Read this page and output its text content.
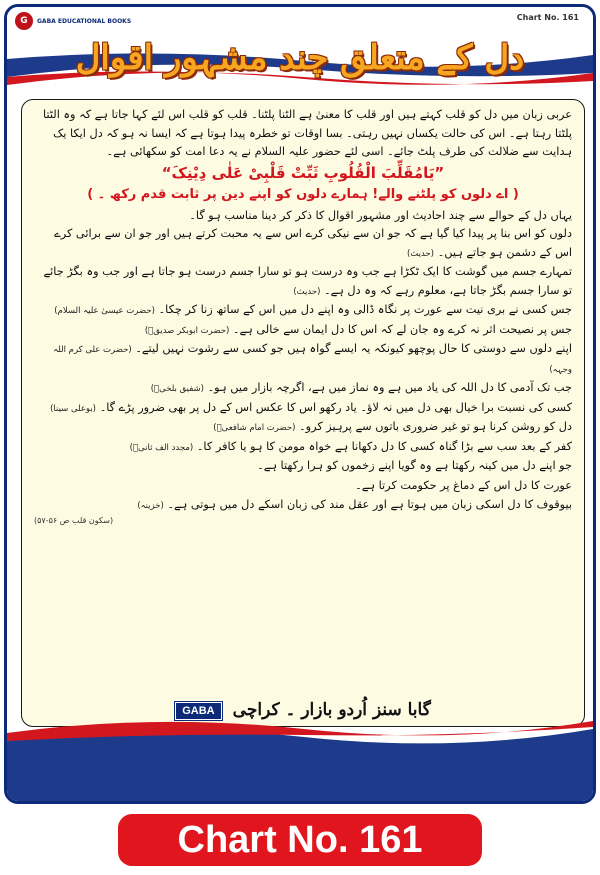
G	GABA EDUCATIONAL BOOKS	Chart No. 161
دل کے متعلق چند مشہور اقوال

عربی زبان میں دل کو قلب کہتے ہیں اور قلب کا معنیٰ ہے الٹنا پلٹنا۔ قلب کو قلب اس لئے کہا جاتا ہے کہ وہ الٹتا پلٹتا رہتا ہے۔ اس کی حالت یکساں نہیں رہتی۔ بسا اوقات تو خطرہ پیدا ہوتا ہے کہ ایسا نہ ہو کہ دل ایکا یک ہدایت سے ضلالت کی طرف پلٹ جائے۔ اسی لئے حضور علیہ السلام نے یہ دعا امت کو سکھائی ہے۔

”یَامُقَلِّبَ الْقُلُوبِ ثَبِّتْ قَلْبِیْ عَلٰی دِیْنِکَ“

( اے دلوں کو پلٹنے والے! ہمارے دلوں کو اپنے دین پر ثابت قدم رکھ ۔ )

یہاں دل کے حوالے سے چند احادیث اور مشہور اقوال کا ذکر کر دینا مناسب ہو گا۔

دلوں کو اس بنا پر پیدا کیا گیا ہے کہ جو ان سے نیکی کرے اس سے یہ محبت کرتے ہیں اور جو ان سے برائی کرے اس کے دشمن ہو جاتے ہیں۔ (حدیث)

تمہارے جسم میں گوشت کا ایک ٹکڑا ہے جب وہ درست ہو تو سارا جسم درست ہو جاتا ہے اور جب وہ بگڑ جائے تو سارا جسم بگڑ جاتا ہے، معلوم رہے کہ وہ دل ہے۔ (حدیث)

جس کسی نے بری نیت سے عورت پر نگاہ ڈالی وہ اپنے دل میں اس کے ساتھ زنا کر چکا۔ (حضرت عیسیٰ علیہ السلام)

جس پر نصیحت اثر نہ کرے وہ جان لے کہ اس کا دل ایمان سے خالی ہے۔ (حضرت ابوبکر صدیقؓ)

اپنے دلوں سے دوستی کا حال پوچھو کیونکہ یہ ایسے گواہ ہیں جو کسی سے رشوت نہیں لیتے۔ (حضرت علی کرم اللہ وجہہ)

جب تک آدمی کا دل اللہ کی یاد میں ہے وہ نماز میں ہے، اگرچہ بازار میں ہو۔ (شفیق بلخیؒ)

کسی کی نسبت برا خیال بھی دل میں نہ لاؤ۔ یاد رکھو اس کا عکس اس کے دل پر بھی ضرور پڑے گا۔ (بوعلی سینا)

دل کو روشن کرنا ہو تو غیر ضروری باتوں سے پرہیز کرو۔ (حضرت امام شافعیؒ)

کفر کے بعد سب سے بڑا گناہ کسی کا دل دکھانا ہے خواہ مومن کا ہو یا کافر کا۔ (مجدد الف ثانیؒ)

جو اپنے دل میں کینہ رکھتا ہے وہ گویا اپنے زخموں کو ہرا رکھتا ہے۔

عورت کا دل اس کے دماغ پر حکومت کرتا ہے۔

بیوقوف کا دل اسکی زبان میں ہوتا ہے اور عقل مند کی زبان اسکے دل میں ہوتی ہے۔ (خزینہ)

(سکون قلب ص ۵۶-۵۷)

گابا سنز اُردو بازار ۔ کراچی GABA
Chart No. 161
